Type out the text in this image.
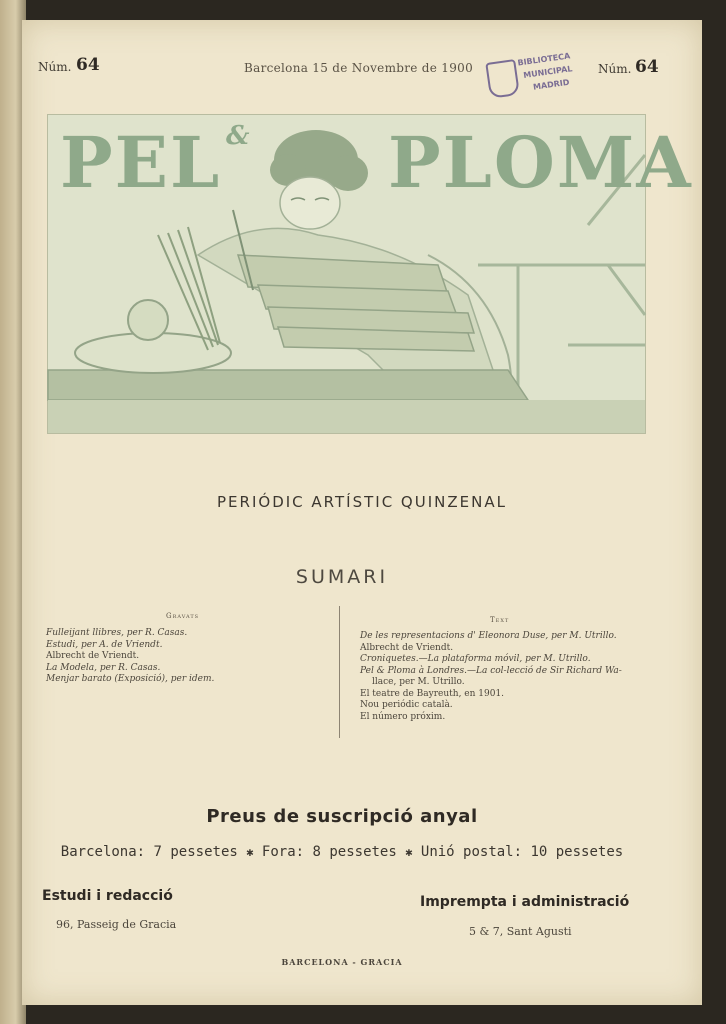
Núm. 64	Barcelona 15 de Novembre de 1900	Núm. 64
BIBLIOTECA
MUNICIPAL
MADRID
PEL & PLOMA
PERIÓDIC ARTÍSTIC QUINZENAL
SUMARI
Gravats
Fulleijant llibres, per R. Casas.
Estudi, per A. de Vriendt.
Albrecht de Vriendt.
La Modela, per R. Casas.
Menjar barato (Exposició), per idem.
Text
De les representacions d' Eleonora Duse, per M. Utrillo.
Albrecht de Vriendt.
Croniquetes.—La plataforma móvil, per M. Utrillo.
Pel & Ploma à Londres.—La col-lecció de Sir Richard Wa-
llace, per M. Utrillo.
El teatre de Bayreuth, en 1901.
Nou periódic català.
El número próxim.
Preus de suscripció anyal
Barcelona: 7 pessetes ✱ Fora: 8 pessetes ✱ Unió postal: 10 pessetes
Estudi i redacció
96, Passeig de Gracia
Imprempta i administració
5 & 7, Sant Agusti
BARCELONA - GRACIA
